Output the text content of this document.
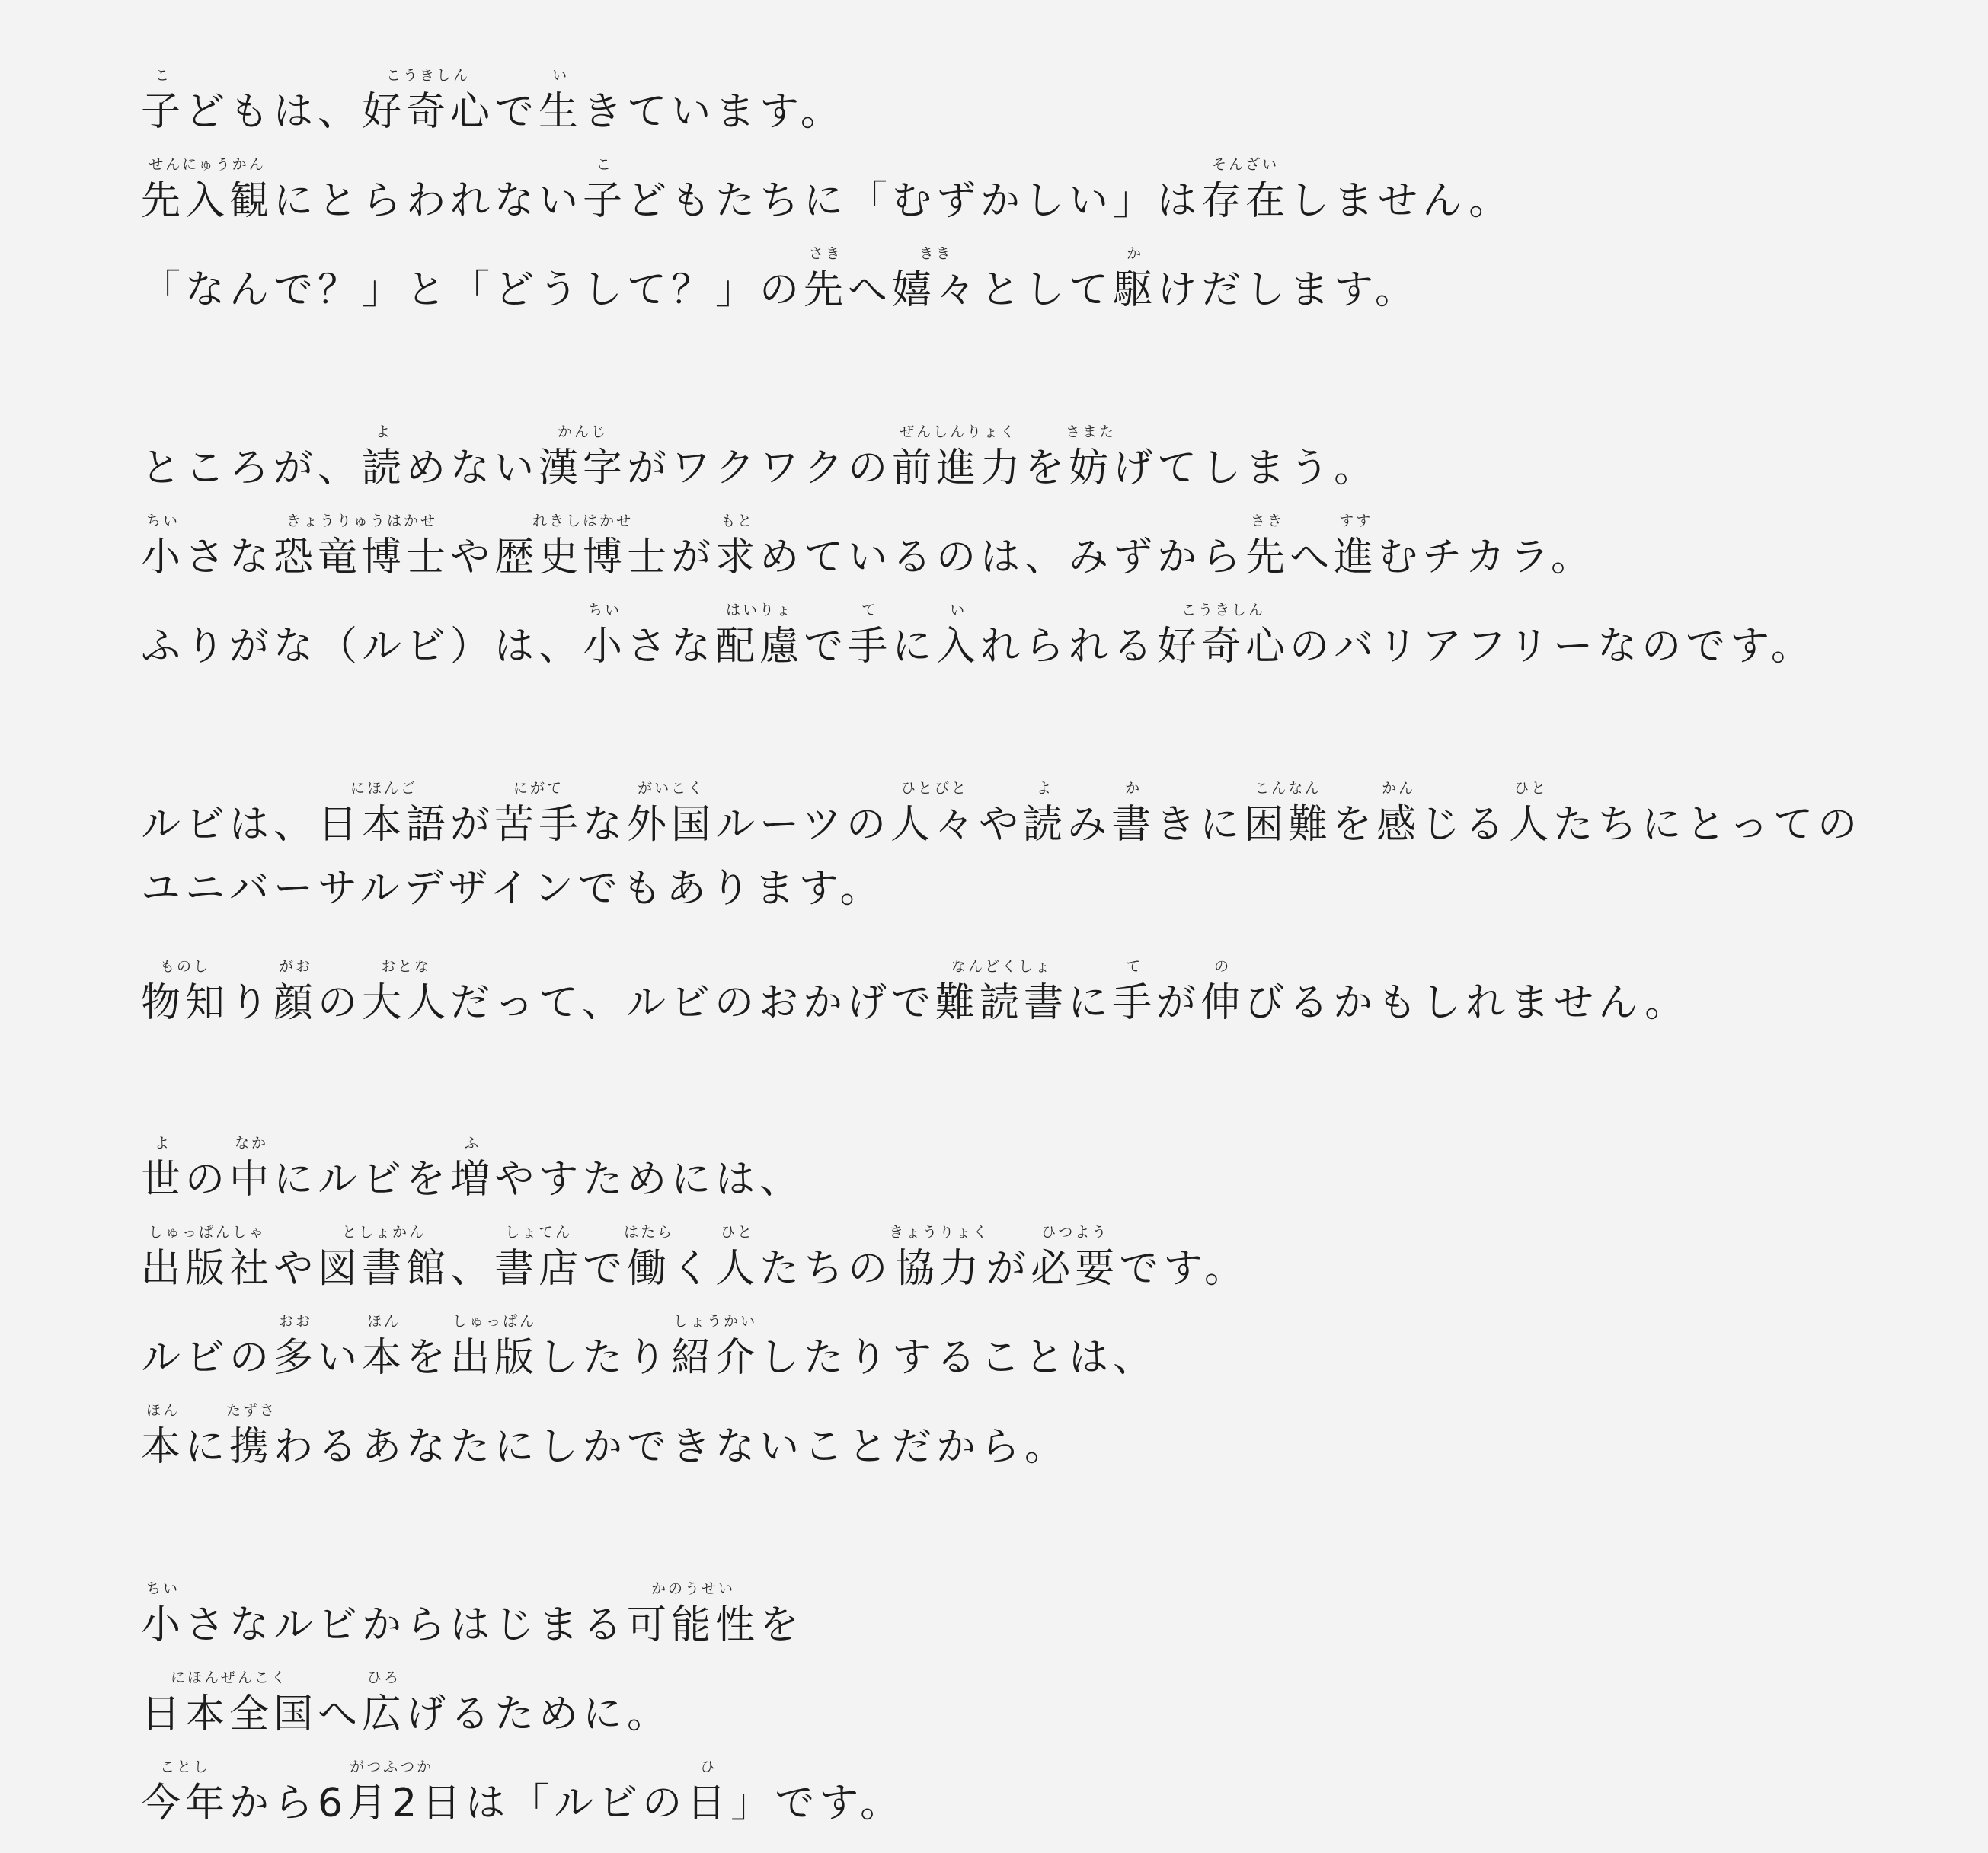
子こどもは、好奇心こうきしんで生いきています。
先入観せんにゅうかんにとらわれない子こどもたちに「むずかしい」は存在そんざいしません。
「なんで？」と「どうして？」の先さきへ嬉々ききとして駆かけだします。
ところが、読よめない漢字かんじがワクワクの前進力ぜんしんりょくを妨さまたげてしまう。
小ちいさな恐竜博士きょうりゅうはかせや歴史博士れきしはかせが求もとめているのは、みずから先さきへ進すすむチカラ。
ふりがな（ルビ）は、小ちいさな配慮はいりょで手てに入いれられる好奇心こうきしんのバリアフリーなのです。
ルビは、日本語にほんごが苦手にがてな外国がいこくルーツの人々ひとびとや読よみ書かきに困難こんなんを感かんじる人ひとたちにとっての
ユニバーサルデザインでもあります。
物知ものしり顔がおの大人おとなだって、ルビのおかげで難読書なんどくしょに手てが伸のびるかもしれません。
世よの中なかにルビを増ふやすためには、
出版社しゅっぱんしゃや図書館としょかん、書店しょてんで働はたらく人ひとたちの協力きょうりょくが必要ひつようです。
ルビの多おおい本ほんを出版しゅっぱんしたり紹介しょうかいしたりすることは、
本ほんに携たずさわるあなたにしかできないことだから。
小ちいさなルビからはじまる可能性かのうせいを
日本全国にほんぜんこくへ広ひろげるために。
今年ことしから6月2日がつふつかは「ルビの日ひ」です。
